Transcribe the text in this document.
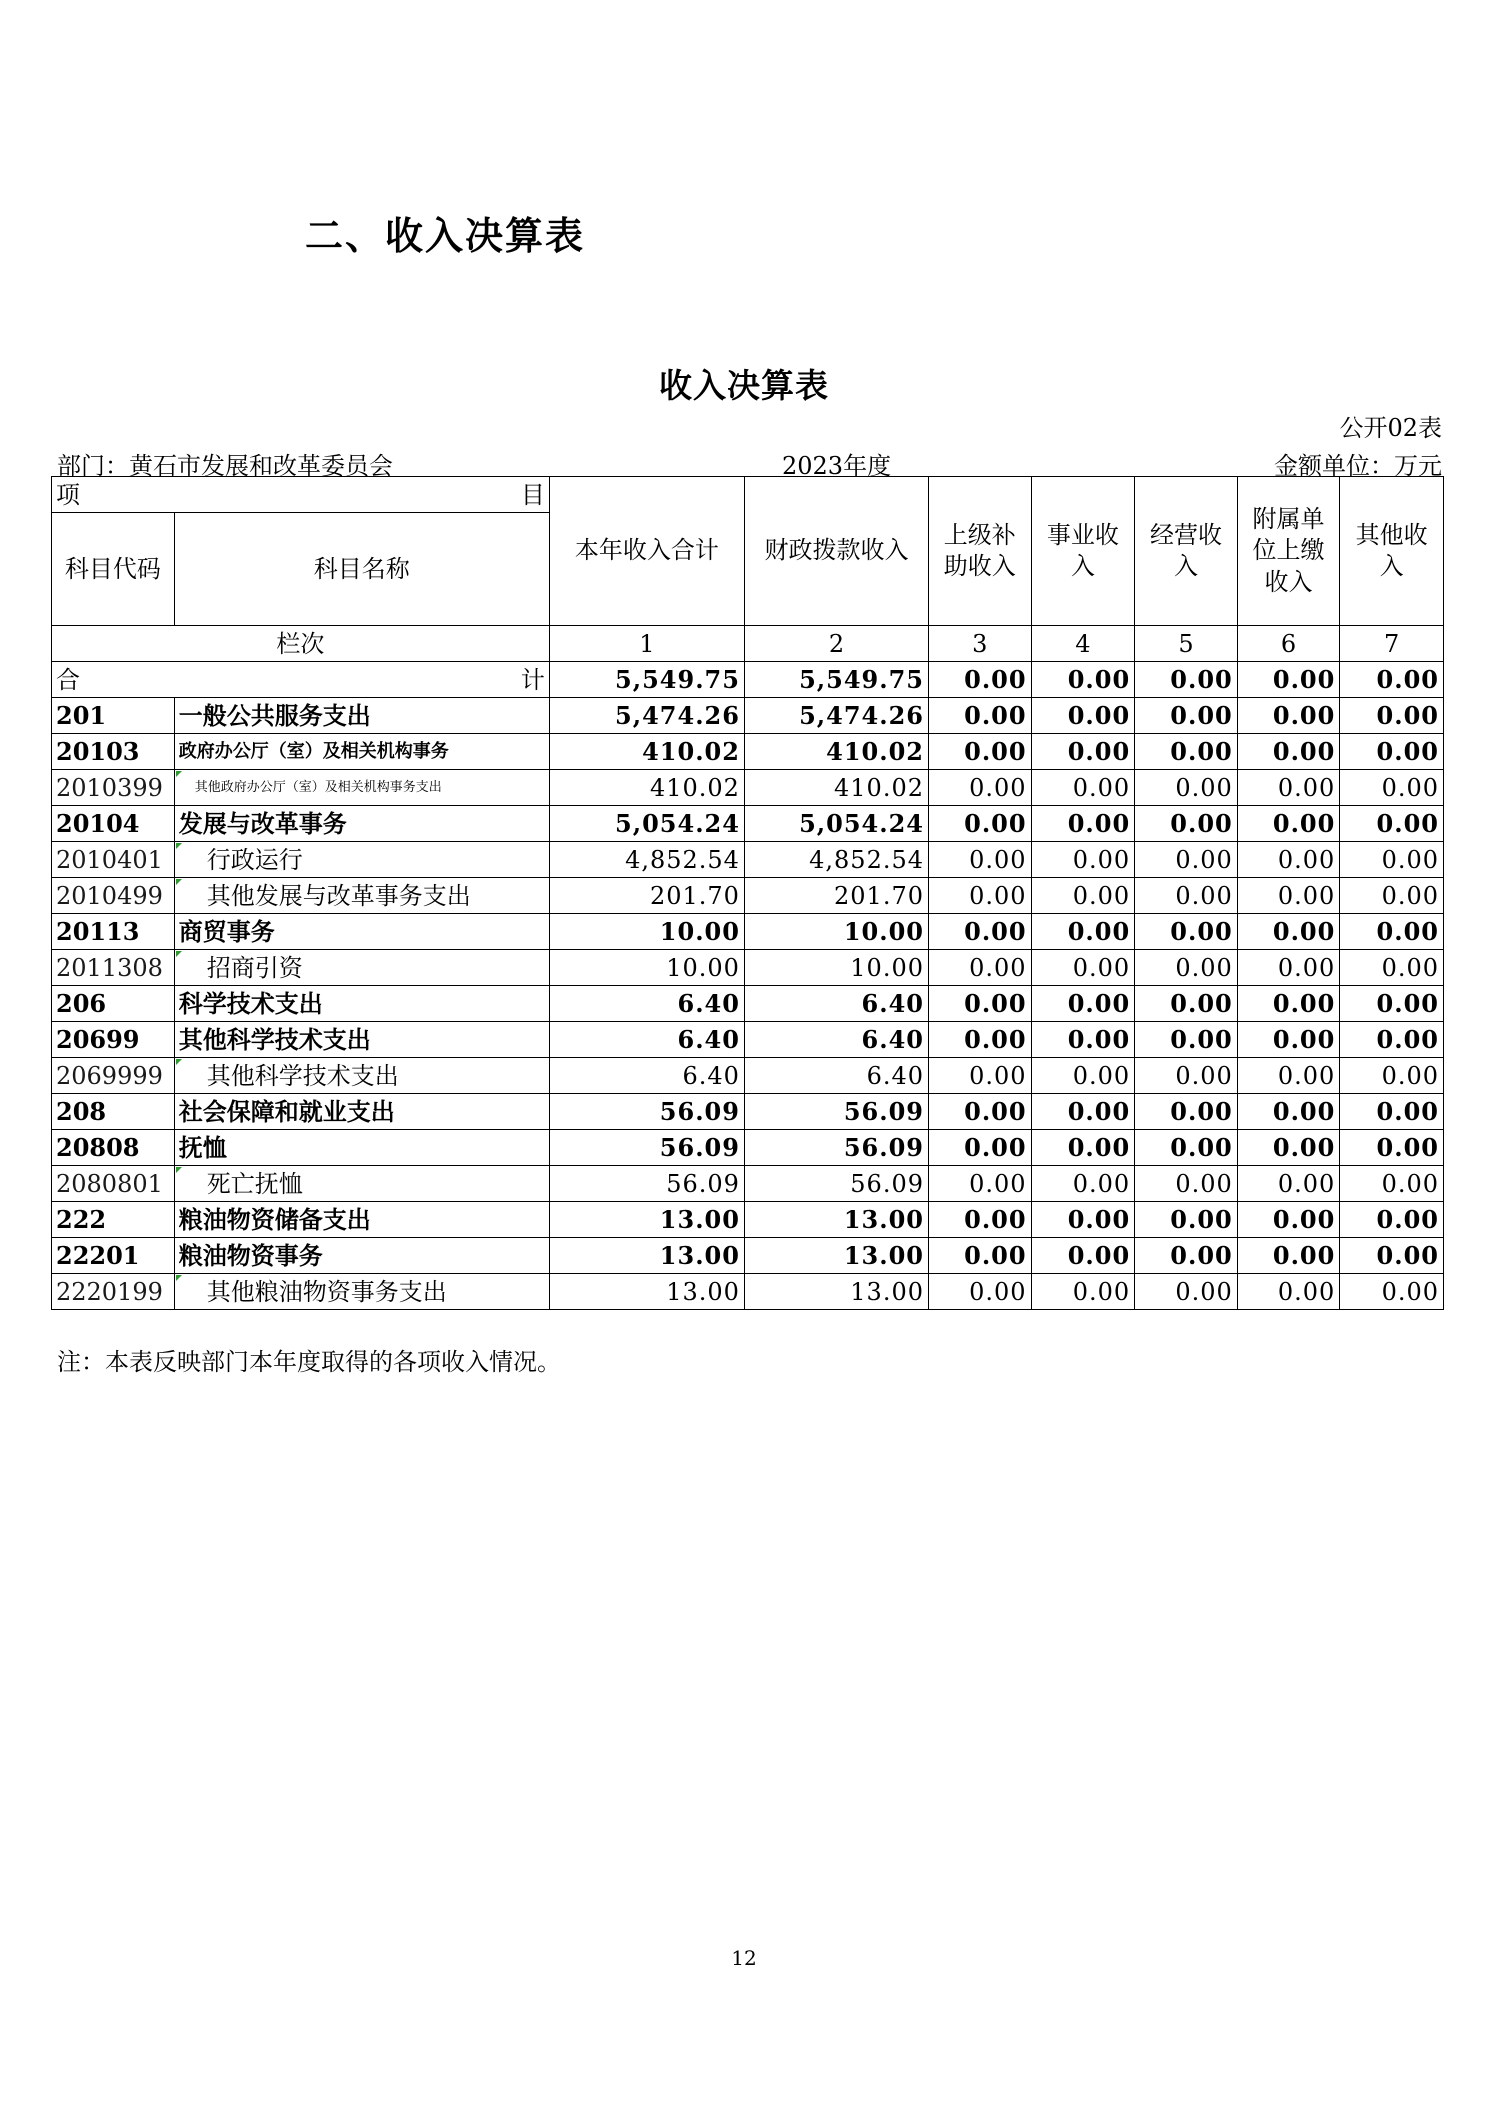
二、收入决算表
收入决算表
公开02表
部门：黄石市发展和改革委员会	2023年度	金额单位：万元
项 目		本年收入合计	财政拨款收入	上级补助收入	事业收入	经营收入	附属单位上缴收入	其他收入
科目代码	科目名称							
栏次		1	2	3	4	5	6	7

合 计		5,549.75	5,549.75	0.00	0.00	0.00	0.00	0.00
201	一般公共服务支出	5,474.26	5,474.26	0.00	0.00	0.00	0.00	0.00
20103	政府办公厅（室）及相关机构事务	410.02	410.02	0.00	0.00	0.00	0.00	0.00
2010399	其他政府办公厅（室）及相关机构事务支出	410.02	410.02	0.00	0.00	0.00	0.00	0.00
20104	发展与改革事务	5,054.24	5,054.24	0.00	0.00	0.00	0.00	0.00
2010401	行政运行	4,852.54	4,852.54	0.00	0.00	0.00	0.00	0.00
2010499	其他发展与改革事务支出	201.70	201.70	0.00	0.00	0.00	0.00	0.00
20113	商贸事务	10.00	10.00	0.00	0.00	0.00	0.00	0.00
2011308	招商引资	10.00	10.00	0.00	0.00	0.00	0.00	0.00
206	科学技术支出	6.40	6.40	0.00	0.00	0.00	0.00	0.00
20699	其他科学技术支出	6.40	6.40	0.00	0.00	0.00	0.00	0.00
2069999	其他科学技术支出	6.40	6.40	0.00	0.00	0.00	0.00	0.00
208	社会保障和就业支出	56.09	56.09	0.00	0.00	0.00	0.00	0.00
20808	抚恤	56.09	56.09	0.00	0.00	0.00	0.00	0.00
2080801	死亡抚恤	56.09	56.09	0.00	0.00	0.00	0.00	0.00
222	粮油物资储备支出	13.00	13.00	0.00	0.00	0.00	0.00	0.00
22201	粮油物资事务	13.00	13.00	0.00	0.00	0.00	0.00	0.00
2220199	其他粮油物资事务支出	13.00	13.00	0.00	0.00	0.00	0.00	0.00
注：本表反映部门本年度取得的各项收入情况。
12
